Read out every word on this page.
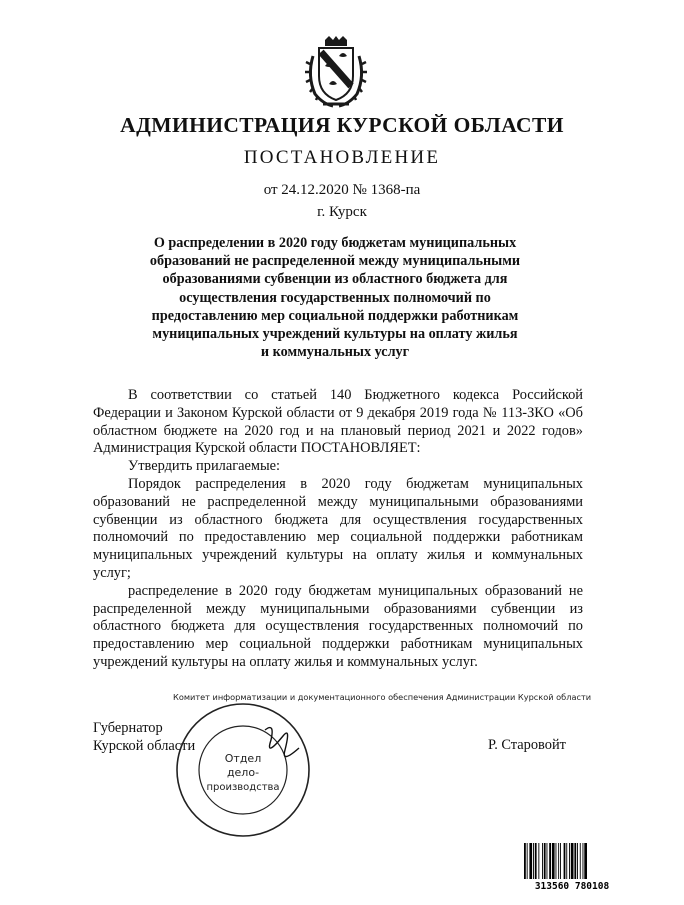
АДМИНИСТРАЦИЯ КУРСКОЙ ОБЛАСТИ
ПОСТАНОВЛЕНИЕ
от 24.12.2020 № 1368-па
г. Курск
О распределении в 2020 году бюджетам муниципальных
образований не распределенной между муниципальными
образованиями субвенции из областного бюджета для
осуществления государственных полномочий по
предоставлению мер социальной поддержки работникам
муниципальных учреждений культуры на оплату жилья
и коммунальных услуг
В соответствии со статьей 140 Бюджетного кодекса Российской Федерации и Законом Курской области от 9 декабря 2019 года № 113-ЗКО «Об областном бюджете на 2020 год и на плановый период 2021 и 2022 годов» Администрация Курской области ПОСТАНОВЛЯЕТ:
Утвердить прилагаемые:
Порядок распределения в 2020 году бюджетам муниципальных образований не распределенной между муниципальными образованиями субвенции из областного бюджета для осуществления государственных полномочий по предоставлению мер социальной поддержки работникам муниципальных учреждений культуры на оплату жилья и коммунальных услуг;
распределение в 2020 году бюджетам муниципальных образований не распределенной между муниципальными образованиями субвенции из областного бюджета для осуществления государственных полномочий по предоставлению мер социальной поддержки работникам муниципальных учреждений культуры на оплату жилья и коммунальных услуг.
Губернатор
Курской области	Р. Старовойт
Комитет информатизации и документационного обеспечения Администрации Курской области
Отдел
дело-
производства
313560 780108
